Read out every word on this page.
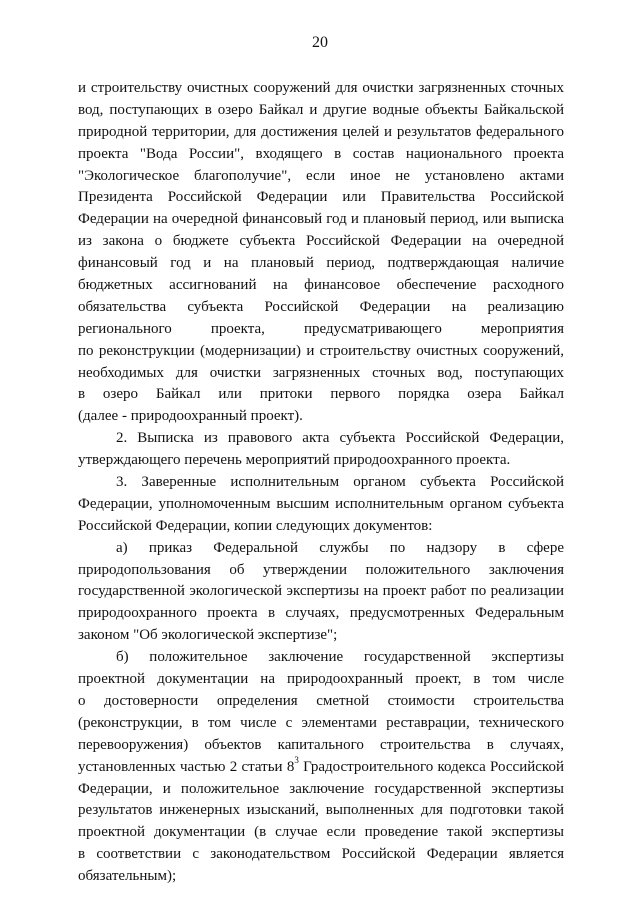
20
и строительству очистных сооружений для очистки загрязненных сточных
вод, поступающих в озеро Байкал и другие водные объекты Байкальской
природной территории, для достижения целей и результатов федерального
проекта "Вода России", входящего в состав национального проекта
"Экологическое благополучие", если иное не установлено актами
Президента Российской Федерации или Правительства Российской
Федерации на очередной финансовый год и плановый период, или выписка
из закона о бюджете субъекта Российской Федерации на очередной
финансовый год и на плановый период, подтверждающая наличие
бюджетных ассигнований на финансовое обеспечение расходного
обязательства субъекта Российской Федерации на реализацию
регионального проекта, предусматривающего мероприятия
по реконструкции (модернизации) и строительству очистных сооружений,
необходимых для очистки загрязненных сточных вод, поступающих
в озеро Байкал или притоки первого порядка озера Байкал
(далее - природоохранный проект).
2. Выписка из правового акта субъекта Российской Федерации,
утверждающего перечень мероприятий природоохранного проекта.
3. Заверенные исполнительным органом субъекта Российской
Федерации, уполномоченным высшим исполнительным органом субъекта
Российской Федерации, копии следующих документов:
а) приказ Федеральной службы по надзору в сфере
природопользования об утверждении положительного заключения
государственной экологической экспертизы на проект работ по реализации
природоохранного проекта в случаях, предусмотренных Федеральным
законом "Об экологической экспертизе";
б) положительное заключение государственной экспертизы
проектной документации на природоохранный проект, в том числе
о достоверности определения сметной стоимости строительства
(реконструкции, в том числе с элементами реставрации, технического
перевооружения) объектов капитального строительства в случаях,
установленных частью 2 статьи $8^3$ Градостроительного кодекса Российской
Федерации, и положительное заключение государственной экспертизы
результатов инженерных изысканий, выполненных для подготовки такой
проектной документации (в случае если проведение такой экспертизы
в соответствии с законодательством Российской Федерации является
обязательным);
